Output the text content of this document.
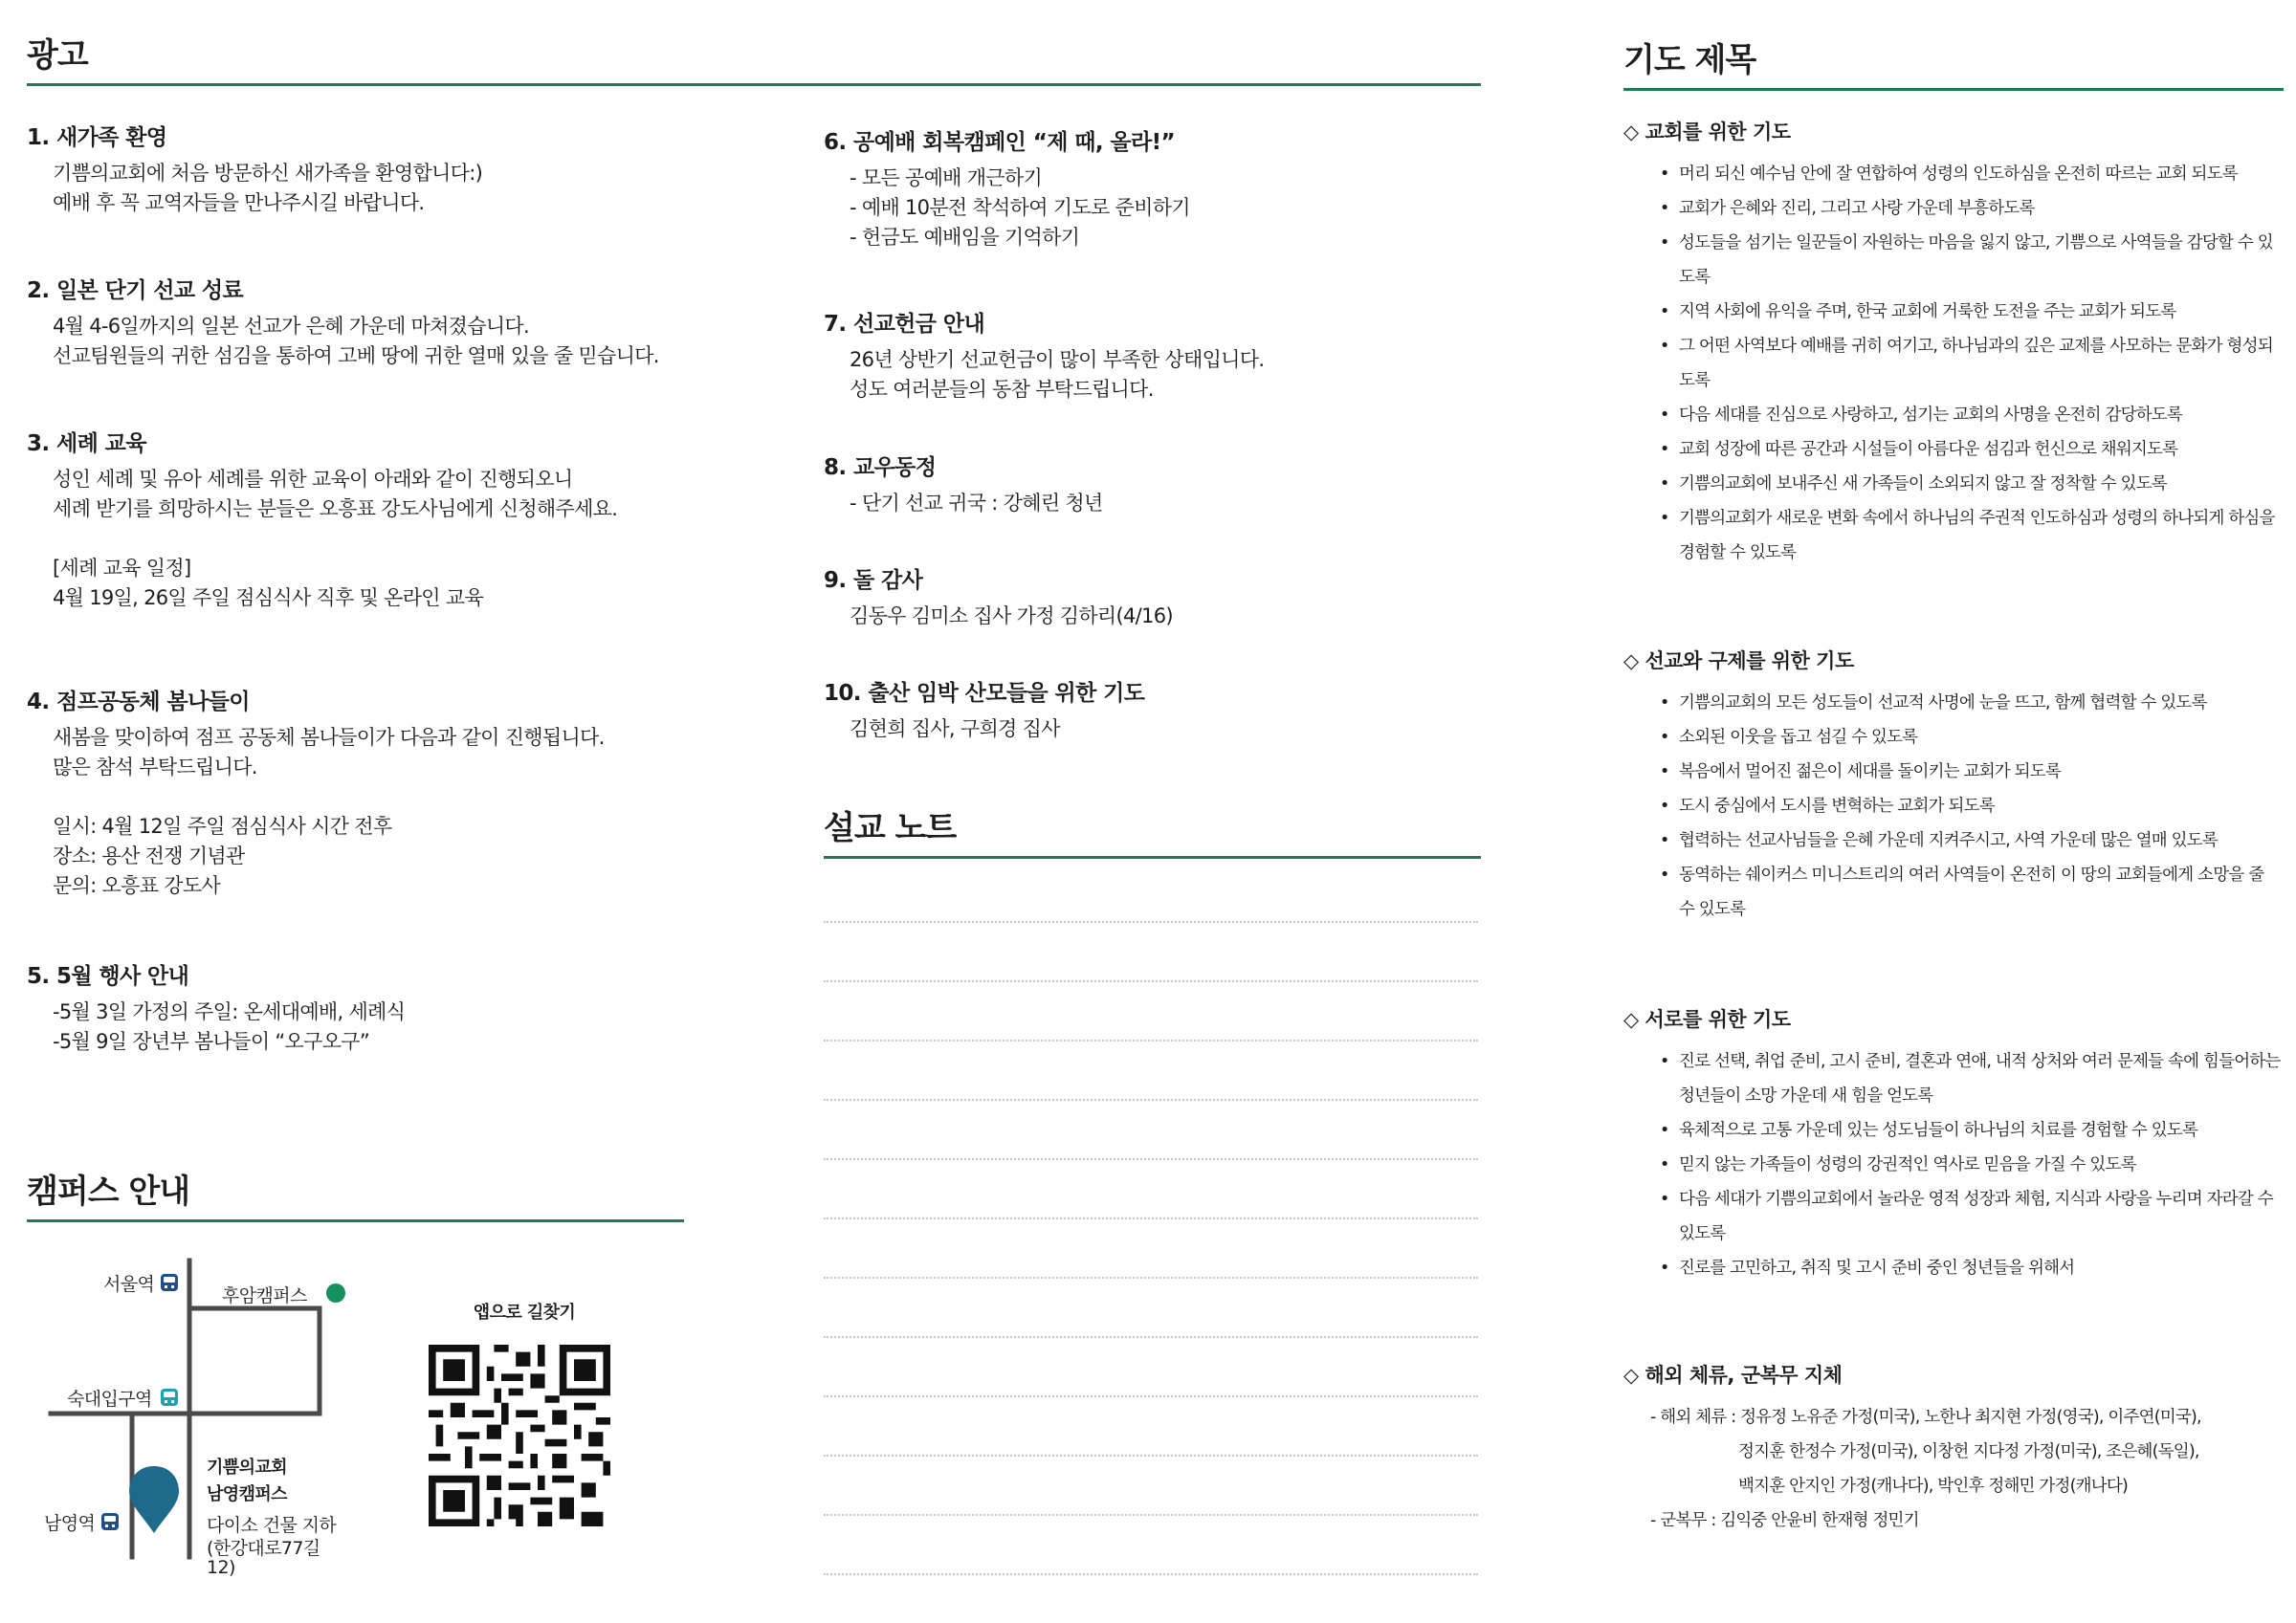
광고
1. 새가족 환영
기쁨의교회에 처음 방문하신 새가족을 환영합니다:)
예배 후 꼭 교역자들을 만나주시길 바랍니다.
2. 일본 단기 선교 성료
4월 4-6일까지의 일본 선교가 은혜 가운데 마쳐졌습니다.
선교팀원들의 귀한 섬김을 통하여 고베 땅에 귀한 열매 있을 줄 믿습니다.
3. 세례 교육
성인 세례 및 유아 세례를 위한 교육이 아래와 같이 진행되오니
세례 받기를 희망하시는 분들은 오흥표 강도사님에게 신청해주세요.
[세례 교육 일정]
4월 19일, 26일 주일 점심식사 직후 및 온라인 교육
4. 점프공동체 봄나들이
새봄을 맞이하여 점프 공동체 봄나들이가 다음과 같이 진행됩니다.
많은 참석 부탁드립니다.
일시: 4월 12일 주일 점심식사 시간 전후
장소: 용산 전쟁 기념관
문의: 오흥표 강도사
5. 5월 행사 안내
-5월 3일 가정의 주일: 온세대예배, 세례식
-5월 9일 장년부 봄나들이 “오구오구”
6. 공예배 회복캠페인 “제 때, 올라!”
- 모든 공예배 개근하기
- 예배 10분전 착석하여 기도로 준비하기
- 헌금도 예배임을 기억하기
7. 선교헌금 안내
26년 상반기 선교헌금이 많이 부족한 상태입니다.
성도 여러분들의 동참 부탁드립니다.
8. 교우동정
- 단기 선교 귀국 : 강혜린 청년
9. 돌 감사
김동우 김미소 집사 가정 김하리(4/16)
10. 출산 임박 산모들을 위한 기도
김현희 집사, 구희경 집사
설교 노트
캠퍼스 안내
서울역
후암캠퍼스
숙대입구역
기쁨의교회
남영캠퍼스
다이소 건물 지하
(한강대로77길
12)
남영역
앱으로 길찾기
기도 제목
◇ 교회를 위한 기도
• 머리 되신 예수님 안에 잘 연합하여 성령의 인도하심을 온전히 따르는 교회 되도록
• 교회가 은혜와 진리, 그리고 사랑 가운데 부흥하도록
• 성도들을 섬기는 일꾼들이 자원하는 마음을 잃지 않고, 기쁨으로 사역들을 감당할 수 있도록
• 지역 사회에 유익을 주며, 한국 교회에 거룩한 도전을 주는 교회가 되도록
• 그 어떤 사역보다 예배를 귀히 여기고, 하나님과의 깊은 교제를 사모하는 문화가 형성되도록
• 다음 세대를 진심으로 사랑하고, 섬기는 교회의 사명을 온전히 감당하도록
• 교회 성장에 따른 공간과 시설들이 아름다운 섬김과 헌신으로 채워지도록
• 기쁨의교회에 보내주신 새 가족들이 소외되지 않고 잘 정착할 수 있도록
• 기쁨의교회가 새로운 변화 속에서 하나님의 주권적 인도하심과 성령의 하나되게 하심을 경험할 수 있도록
◇ 선교와 구제를 위한 기도
• 기쁨의교회의 모든 성도들이 선교적 사명에 눈을 뜨고, 함께 협력할 수 있도록
• 소외된 이웃을 돕고 섬길 수 있도록
• 복음에서 멀어진 젊은이 세대를 돌이키는 교회가 되도록
• 도시 중심에서 도시를 변혁하는 교회가 되도록
• 협력하는 선교사님들을 은혜 가운데 지켜주시고, 사역 가운데 많은 열매 있도록
• 동역하는 쉐이커스 미니스트리의 여러 사역들이 온전히 이 땅의 교회들에게 소망을 줄 수 있도록
◇ 서로를 위한 기도
• 진로 선택, 취업 준비, 고시 준비, 결혼과 연애, 내적 상처와 여러 문제들 속에 힘들어하는 청년들이 소망 가운데 새 힘을 얻도록
• 육체적으로 고통 가운데 있는 성도님들이 하나님의 치료를 경험할 수 있도록
• 믿지 않는 가족들이 성령의 강권적인 역사로 믿음을 가질 수 있도록
• 다음 세대가 기쁨의교회에서 놀라운 영적 성장과 체험, 지식과 사랑을 누리며 자라갈 수 있도록
• 진로를 고민하고, 취직 및 고시 준비 중인 청년들을 위해서
◇ 해외 체류, 군복무 지체
- 해외 체류 : 정유정 노유준 가정(미국), 노한나 최지현 가정(영국), 이주연(미국),
정지훈 한정수 가정(미국), 이창헌 지다정 가정(미국), 조은혜(독일),
백지훈 안지인 가정(캐나다), 박인후 정해민 가정(캐나다)
- 군복무 : 김익중 안윤비 한재형 정민기
